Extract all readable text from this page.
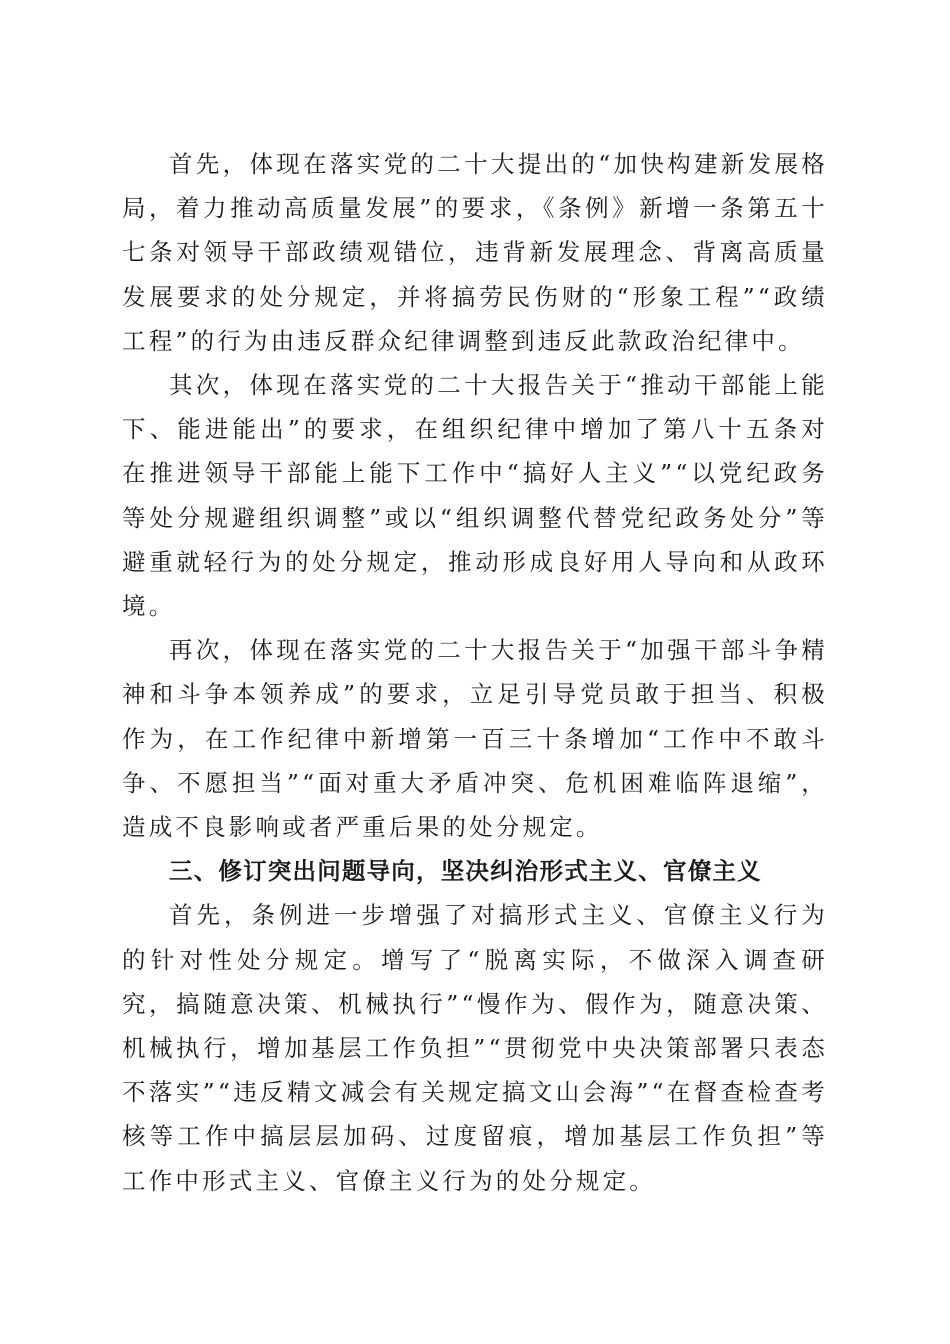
首先，体现在落实党的二十大提出的“加快构建新发展格局，着力推动高质量发展”的要求，《条例》新增一条第五十七条对领导干部政绩观错位，违背新发展理念、背离高质量发展要求的处分规定，并将搞劳民伤财的“形象工程”“政绩工程”的行为由违反群众纪律调整到违反此款政治纪律中。

其次，体现在落实党的二十大报告关于“推动干部能上能下、能进能出”的要求，在组织纪律中增加了第八十五条对在推进领导干部能上能下工作中“搞好人主义”“以党纪政务等处分规避组织调整”或以“组织调整代替党纪政务处分”等避重就轻行为的处分规定，推动形成良好用人导向和从政环境。

再次，体现在落实党的二十大报告关于“加强干部斗争精神和斗争本领养成”的要求，立足引导党员敢于担当、积极作为，在工作纪律中新增第一百三十条增加“工作中不敢斗争、不愿担当”“面对重大矛盾冲突、危机困难临阵退缩”，造成不良影响或者严重后果的处分规定。

三、修订突出问题导向，坚决纠治形式主义、官僚主义

首先，条例进一步增强了对搞形式主义、官僚主义行为的针对性处分规定。增写了“脱离实际，不做深入调查研究，搞随意决策、机械执行”“慢作为、假作为，随意决策、机械执行，增加基层工作负担”“贯彻党中央决策部署只表态不落实”“违反精文减会有关规定搞文山会海”“在督查检查考核等工作中搞层层加码、过度留痕，增加基层工作负担”等工作中形式主义、官僚主义行为的处分规定。
